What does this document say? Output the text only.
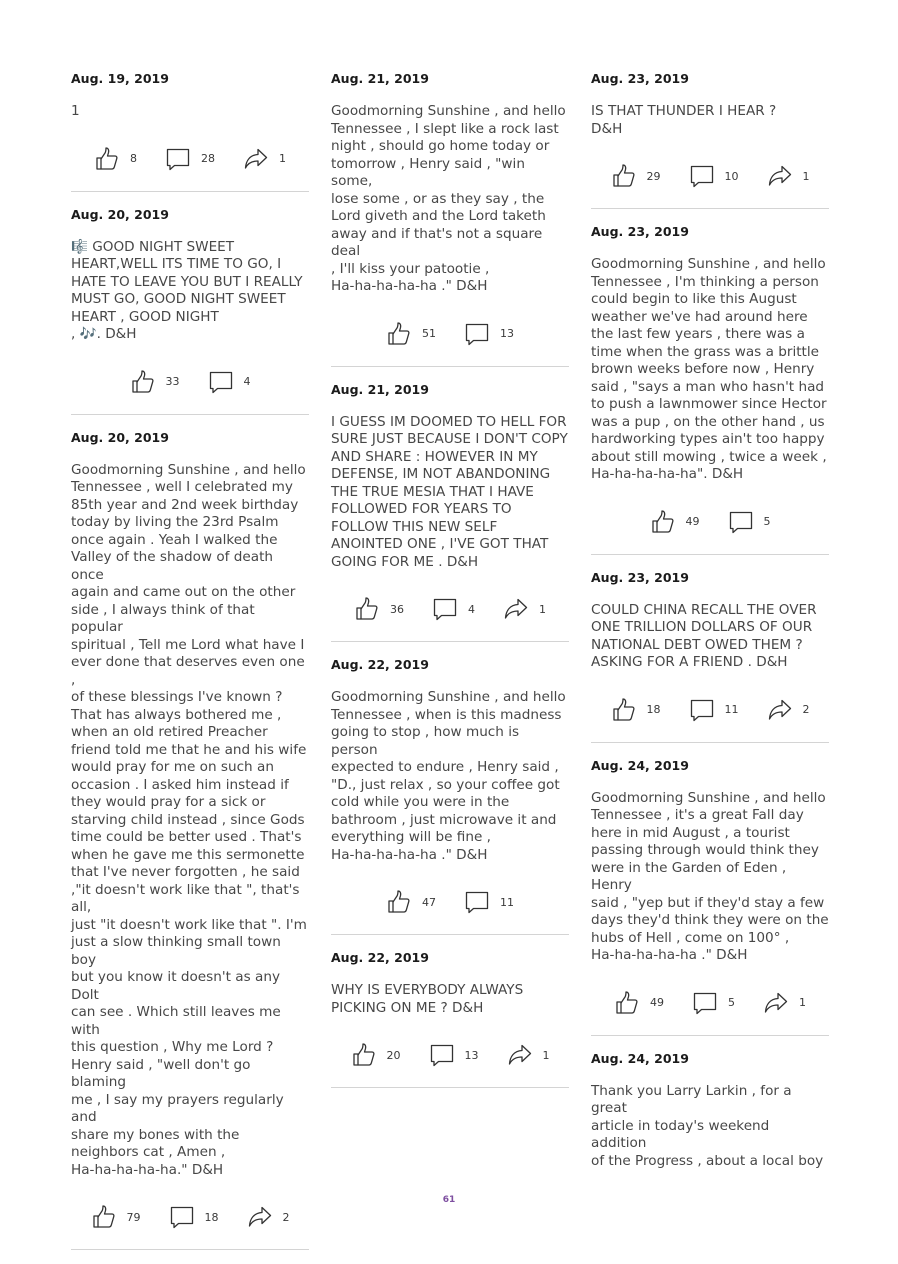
Aug. 19, 2019

1

8	28	1
Aug. 20, 2019

🎼 GOOD NIGHT SWEET
HEART,WELL ITS TIME TO GO, I
HATE TO LEAVE YOU BUT I REALLY
MUST GO, GOOD NIGHT SWEET
HEART , GOOD NIGHT
, 🎶. D&H

33	4
Aug. 20, 2019

Goodmorning Sunshine , and hello
Tennessee , well I celebrated my
85th year and 2nd week birthday
today by living the 23rd Psalm
once again . Yeah I walked the
Valley of the shadow of death once
again and came out on the other
side , I always think of that popular
spiritual , Tell me Lord what have I
ever done that deserves even one ,
of these blessings I've known ?
That has always bothered me ,
when an old retired Preacher
friend told me that he and his wife
would pray for me on such an
occasion . I asked him instead if
they would pray for a sick or
starving child instead , since Gods
time could be better used . That's
when he gave me this sermonette
that I've never forgotten , he said
,"it doesn't work like that ", that's all,
just "it doesn't work like that ". I'm
just a slow thinking small town boy
but you know it doesn't as any Dolt
can see . Which still leaves me with
this question , Why me Lord ?
Henry said , "well don't go blaming
me , I say my prayers regularly and
share my bones with the
neighbors cat , Amen ,
Ha-ha-ha-ha-ha." D&H

79	18	2
Aug. 21, 2019

Goodmorning Sunshine , and hello
Tennessee , I slept like a rock last
night , should go home today or
tomorrow , Henry said , "win some,
lose some , or as they say , the
Lord giveth and the Lord taketh
away and if that's not a square deal
, I'll kiss your patootie ,
Ha-ha-ha-ha-ha ." D&H

51	13
Aug. 21, 2019

I GUESS IM DOOMED TO HELL FOR
SURE JUST BECAUSE I DON'T COPY
AND SHARE : HOWEVER IN MY
DEFENSE, IM NOT ABANDONING
THE TRUE MESIA THAT I HAVE
FOLLOWED FOR YEARS TO
FOLLOW THIS NEW SELF
ANOINTED ONE , I'VE GOT THAT
GOING FOR ME . D&H

36	4	1
Aug. 22, 2019

Goodmorning Sunshine , and hello
Tennessee , when is this madness
going to stop , how much is person
expected to endure , Henry said ,
"D., just relax , so your coffee got
cold while you were in the
bathroom , just microwave it and
everything will be fine ,
Ha-ha-ha-ha-ha ." D&H

47	11
Aug. 22, 2019

WHY IS EVERYBODY ALWAYS
PICKING ON ME ? D&H

20	13	1
Aug. 23, 2019

IS THAT THUNDER I HEAR ?
D&H

29	10	1
Aug. 23, 2019

Goodmorning Sunshine , and hello
Tennessee , I'm thinking a person
could begin to like this August
weather we've had around here
the last few years , there was a
time when the grass was a brittle
brown weeks before now , Henry
said , "says a man who hasn't had
to push a lawnmower since Hector
was a pup , on the other hand , us
hardworking types ain't too happy
about still mowing , twice a week ,
Ha-ha-ha-ha-ha". D&H

49	5
Aug. 23, 2019

COULD CHINA RECALL THE OVER
ONE TRILLION DOLLARS OF OUR
NATIONAL DEBT OWED THEM ?
ASKING FOR A FRIEND . D&H

18	11	2
Aug. 24, 2019

Goodmorning Sunshine , and hello
Tennessee , it's a great Fall day
here in mid August , a tourist
passing through would think they
were in the Garden of Eden , Henry
said , "yep but if they'd stay a few
days they'd think they were on the
hubs of Hell , come on 100° ,
Ha-ha-ha-ha-ha ." D&H

49	5	1
Aug. 24, 2019

Thank you Larry Larkin , for a great
article in today's weekend addition
of the Progress , about a local boy

61
